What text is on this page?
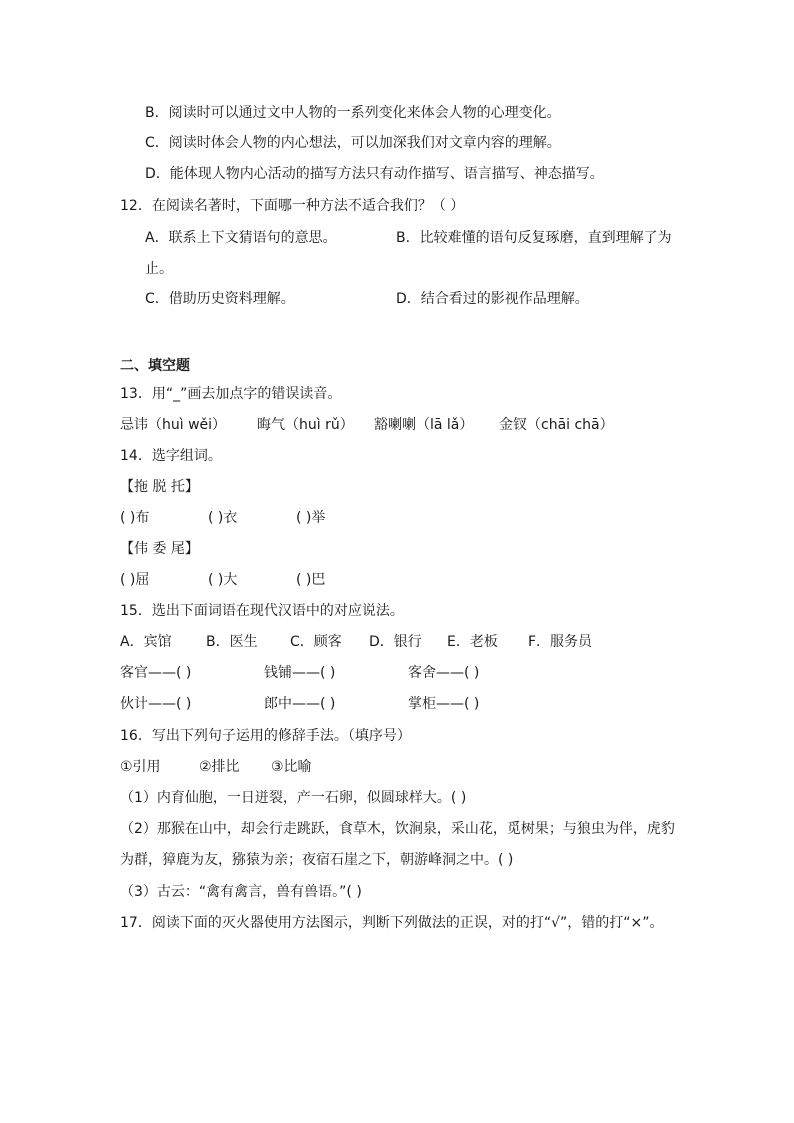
B．阅读时可以通过文中人物的一系列变化来体会人物的心理变化。
C．阅读时体会人物的内心想法，可以加深我们对文章内容的理解。
D．能体现人物内心活动的描写方法只有动作描写、语言描写、神态描写。
12．在阅读名著时，下面哪一种方法不适合我们？（ ）
A．联系上下文猜语句的意思。	B．比较难懂的语句反复琢磨，直到理解了为
止。
C．借助历史资料理解。	D．结合看过的影视作品理解。
二、填空题
13．用“_”画去加点字的错误读音。
忌讳（huì wěi） 晦气（huì rǔ） 豁喇喇（lā lǎ） 金钗（chāi chā）
14．选字组词。
【拖 脱 托】
( )布	( )衣	( )举
【伟 委 尾】
( )屈	( )大	( )巴
15．选出下面词语在现代汉语中的对应说法。
A．宾馆 B．医生 C．顾客 D．银行 E．老板 F．服务员
客官——( )	钱铺——( )	客舍——( )
伙计——( )	郎中——( )	掌柜——( )
16．写出下列句子运用的修辞手法。（填序号）
①引用	②排比 ③比喻
（1）内育仙胞，一日迸裂，产一石卵，似圆球样大。( )
（2）那猴在山中，却会行走跳跃，食草木，饮涧泉，采山花，觅树果；与狼虫为伴，虎豹
为群，獐鹿为友，猕猿为亲；夜宿石崖之下，朝游峰洞之中。( )
（3）古云：“禽有禽言，兽有兽语。”( )
17．阅读下面的灭火器使用方法图示，判断下列做法的正误，对的打“√”，错的打“×”。
